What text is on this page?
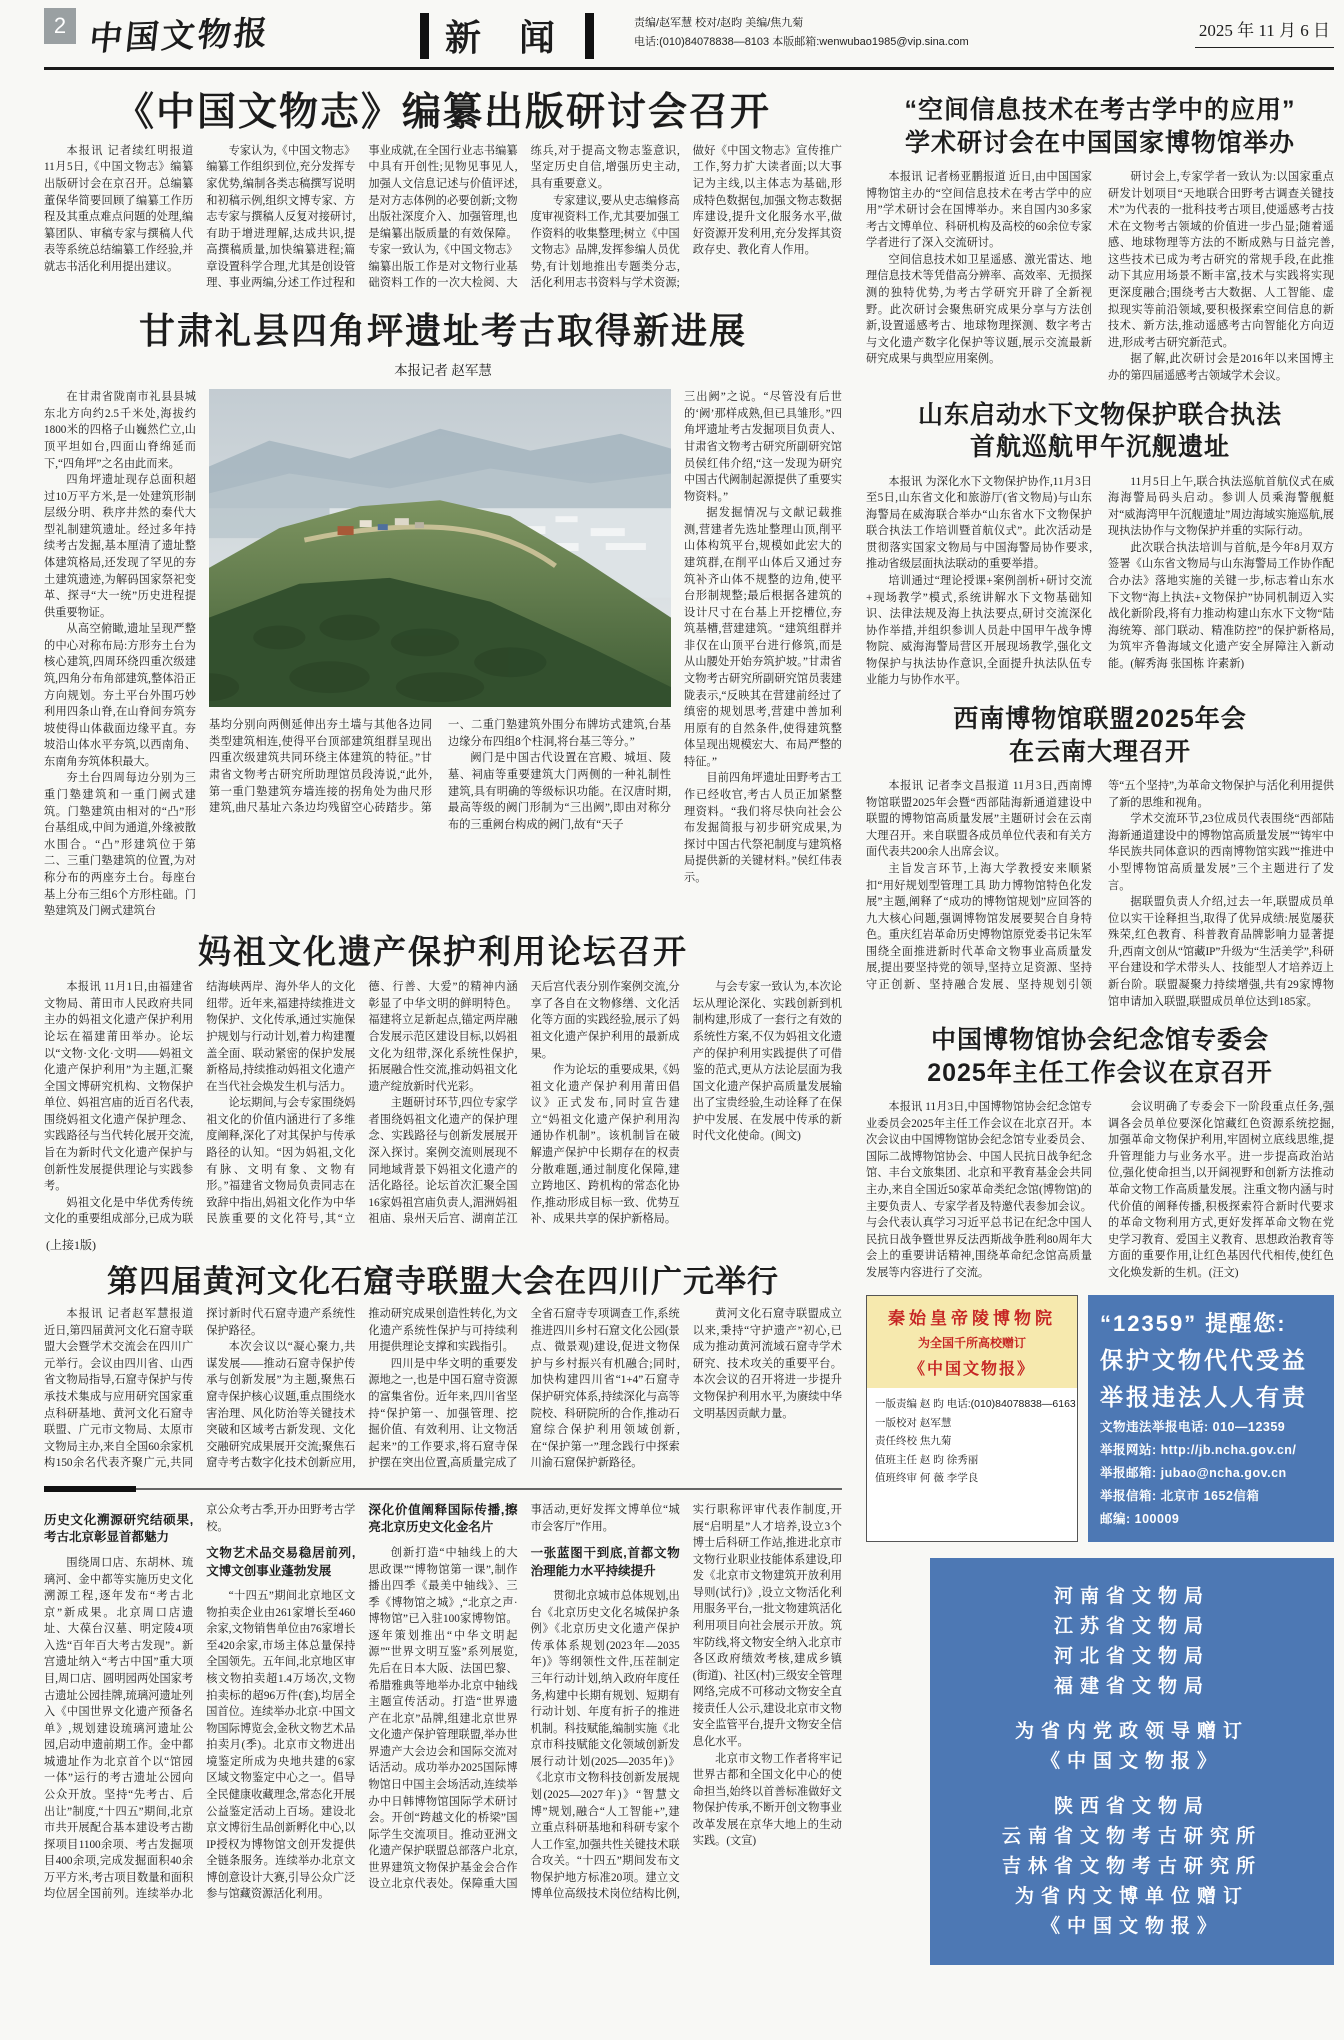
2 中国文物报	新 闻	责编/赵军慧 校对/赵昀 美编/焦九菊
电话:(010)84078838—8103 本版邮箱:wenwubao1985@vip.sina.com
2025 年 11 月 6 日
《中国文物志》编纂出版研讨会召开

本报讯 记者续红明报道 11月5日,《中国文物志》编纂出版研讨会在京召开。总编纂董保华简要回顾了编纂工作历程及其重点难点问题的处理,编纂团队、审稿专家与撰稿人代表等系统总结编纂工作经验,并就志书活化利用提出建议。

专家认为,《中国文物志》编纂工作组织到位,充分发挥专家优势,编制各类志稿撰写说明和初稿示例,组织文博专家、方志专家与撰稿人反复对接研讨,有助于增进理解,达成共识,提高撰稿质量,加快编纂进程;篇章设置科学合理,尤其是创设管理、事业两编,分述工作过程和事业成就,在全国行业志书编纂中具有开创性;见物见事见人,加强人文信息记述与价值评述,是对方志体例的必要创新;文物出版社深度介入、加强管理,也是编纂出版质量的有效保障。专家一致认为,《中国文物志》编纂出版工作是对文物行业基础资料工作的一次大检阅、大练兵,对于提高文物志鉴意识,坚定历史自信,增强历史主动,具有重要意义。

专家建议,要从史志编修高度审视资料工作,尤其要加强工作资料的收集整理;树立《中国文物志》品牌,发挥参编人员优势,有计划地推出专题类分志,活化利用志书资料与学术资源;做好《中国文物志》宣传推广工作,努力扩大读者面;以大事记为主线,以主体志为基础,形成特色数据包,加强文物志数据库建设,提升文化服务水平,做好资源开发利用,充分发挥其资政存史、教化育人作用。

甘肃礼县四角坪遗址考古取得新进展
本报记者 赵军慧

在甘肃省陇南市礼县县城东北方向约2.5千米处,海拔约1800米的四格子山巍然伫立,山顶平坦如台,四面山脊绵延而下,“四角坪”之名由此而来。

四角坪遗址现存总面积超过10万平方米,是一处建筑形制层级分明、秩序井然的秦代大型礼制建筑遗址。经过多年持续考古发掘,基本厘清了遗址整体建筑格局,还发现了罕见的夯土建筑遗迹,为解码国家祭祀变革、探寻“大一统”历史进程提供重要物证。

从高空俯瞰,遗址呈现严整的中心对称布局:方形夯土台为核心建筑,四周环绕四重次级建筑,四角分布角部建筑,整体沿正方向规划。夯土平台外围巧妙利用四条山脊,在山脊间夯筑夯坡使得山体截面边缘平直。夯坡沿山体水平夯筑,以西南角、东南角夯筑体积最大。

夯土台四周每边分别为三重门塾建筑和一重门阙式建筑。门塾建筑由相对的“凸”形台基组成,中间为通道,外缘被散水围合。“凸”形建筑位于第二、三重门塾建筑的位置,为对称分布的两座夯土台。每座台基上分布三组6个方形柱础。门塾建筑及门阙式建筑台

基均分别向两侧延伸出夯土墙与其他各边同类型建筑相连,使得平台顶部建筑组群呈现出四重次级建筑共同环绕主体建筑的特征。”甘肃省文物考古研究所助理馆员段涛说,“此外,第一重门塾建筑夯墙连接的拐角处为曲尺形建筑,曲尺基址六条边均残留空心砖踏步。第一、二重门塾建筑外围分布牌坊式建筑,台基边缘分布四组8个柱洞,将台基三等分。”

阙门是中国古代设置在宫殿、城垣、陵墓、祠庙等重要建筑大门两侧的一种礼制性建筑,具有明确的等级标识功能。在汉唐时期,最高等级的阙门形制为“三出阙”,即由对称分布的三重阙台构成的阙门,故有“天子

三出阙”之说。“尽管没有后世的‘阙’那样成熟,但已具雏形。”四角坪遗址考古发掘项目负责人、甘肃省文物考古研究所副研究馆员侯红伟介绍,“这一发现为研究中国古代阙制起源提供了重要实物资料。”

据发掘情况与文献记载推测,营建者先选址整理山顶,削平山体构筑平台,规模如此宏大的建筑群,在削平山体后又通过夯筑补齐山体不规整的边角,使平台形制规整;最后根据各建筑的设计尺寸在台基上开挖槽位,夯筑基槽,营建建筑。“建筑组群并非仅在山顶平台进行修筑,而是从山腰处开始夯筑护坡。”甘肃省文物考古研究所副研究馆员裴建陇表示,“反映其在营建前经过了缜密的规划思考,营建中善加利用原有的自然条件,使得建筑整体呈现出规模宏大、布局严整的特征。”

目前四角坪遗址田野考古工作已经收官,考古人员正加紧整理资料。“我们将尽快向社会公布发掘简报与初步研究成果,为探讨中国古代祭祀制度与建筑格局提供新的关键材料。”侯红伟表示。

妈祖文化遗产保护利用论坛召开

本报讯 11月1日,由福建省文物局、莆田市人民政府共同主办的妈祖文化遗产保护利用论坛在福建莆田举办。论坛以“文物·文化·文明——妈祖文化遗产保护利用”为主题,汇聚全国文博研究机构、文物保护单位、妈祖宫庙的近百名代表,围绕妈祖文化遗产保护理念、实践路径与当代转化展开交流,旨在为新时代文化遗产保护与创新性发展提供理论与实践参考。

妈祖文化是中华优秀传统文化的重要组成部分,已成为联结海峡两岸、海外华人的文化纽带。近年来,福建持续推进文物保护、文化传承,通过实施保护规划与行动计划,着力构建覆盖全面、联动紧密的保护发展新格局,持续推动妈祖文化遗产在当代社会焕发生机与活力。

论坛期间,与会专家围绕妈祖文化的价值内涵进行了多维度阐释,深化了对其保护与传承路径的认知。“因为妈祖,文化有脉、文明有象、文物有形。”福建省文物局负责同志在致辞中指出,妈祖文化作为中华民族重要的文化符号,其“立德、行善、大爱”的精神内涵彰显了中华文明的鲜明特色。福建将立足新起点,锚定两岸融合发展示范区建设目标,以妈祖文化为纽带,深化系统性保护,拓展融合性交流,推动妈祖文化遗产绽放新时代光彩。

主题研讨环节,四位专家学者围绕妈祖文化遗产的保护理念、实践路径与创新发展展开深入探讨。案例交流则展现不同地域背景下妈祖文化遗产的活化路径。论坛首次汇聚全国16家妈祖宫庙负责人,湄洲妈祖祖庙、泉州天后宫、湖南芷江天后宫代表分别作案例交流,分享了各自在文物修缮、文化活化等方面的实践经验,展示了妈祖文化遗产保护利用的最新成果。

作为论坛的重要成果,《妈祖文化遗产保护利用莆田倡议》正式发布,同时宣告建立“妈祖文化遗产保护利用沟通协作机制”。该机制旨在破解遗产保护中长期存在的权责分散难题,通过制度化保障,建立跨地区、跨机构的常态化协作,推动形成目标一致、优势互补、成果共享的保护新格局。

与会专家一致认为,本次论坛从理论深化、实践创新到机制构建,形成了一套行之有效的系统性方案,不仅为妈祖文化遗产的保护利用实践提供了可借鉴的范式,更从方法论层面为我国文化遗产保护高质量发展输出了宝贵经验,生动诠释了在保护中发展、在发展中传承的新时代文化使命。(闽文)

(上接1版)
第四届黄河文化石窟寺联盟大会在四川广元举行

本报讯 记者赵军慧报道 近日,第四届黄河文化石窟寺联盟大会暨学术交流会在四川广元举行。会议由四川省、山西省文物局指导,石窟寺保护与传承技术集成与应用研究国家重点科研基地、黄河文化石窟寺联盟、广元市文物局、太原市文物局主办,来自全国60余家机构150余名代表齐聚广元,共同探讨新时代石窟寺遗产系统性保护路径。

本次会议以“凝心聚力,共谋发展——推动石窟寺保护传承与创新发展”为主题,聚焦石窟寺保护核心议题,重点围绕水害治理、风化防治等关键技术突破和区域考古新发现、文化交融研究成果展开交流;聚焦石窟寺考古数字化技术创新应用,推动研究成果创造性转化,为文化遗产系统性保护与可持续利用提供理论支撑和实践指引。

四川是中华文明的重要发源地之一,也是中国石窟寺资源的富集省份。近年来,四川省坚持“保护第一、加强管理、挖掘价值、有效利用、让文物活起来”的工作要求,将石窟寺保护摆在突出位置,高质量完成了全省石窟寺专项调查工作,系统推进四川乡村石窟文化公园(景点、微景观)建设,促进文物保护与乡村振兴有机融合;同时,加快构建四川省“1+4”石窟寺保护研究体系,持续深化与高等院校、科研院所的合作,推动石窟综合保护利用领域创新,在“保护第一”理念践行中探索川渝石窟保护新路径。

黄河文化石窟寺联盟成立以来,秉持“守护遗产”初心,已成为推动黄河流域石窟寺学术研究、技术攻关的重要平台。本次会议的召开将进一步提升文物保护利用水平,为赓续中华文明基因贡献力量。

历史文化溯源研究结硕果,考古北京彰显首都魅力

围绕周口店、东胡林、琉璃河、金中都等实施历史文化溯源工程,逐年发布“考古北京”新成果。北京周口店遗址、大葆台汉墓、明定陵4项入选“百年百大考古发现”。新宫遗址纳入“考古中国”重大项目,周口店、圆明园两处国家考古遗址公园挂牌,琉璃河遗址列入《中国世界文化遗产预备名单》,规划建设琉璃河遗址公园,启动申遗前期工作。金中都城遗址作为北京首个以“馆园一体”运行的考古遗址公园向公众开放。坚持“先考古、后出让”制度,“十四五”期间,北京市共开展配合基本建设考古勘探项目1100余项、考古发掘项目400余项,完成发掘面积40余万平方米,考古项目数量和面积均位居全国前列。连续举办北京公众考古季,开办田野考古学校。

文物艺术品交易稳居前列,文博文创事业蓬勃发展

“十四五”期间北京地区文物拍卖企业由261家增长至460余家,文物销售单位由76家增长至420余家,市场主体总量保持全国领先。五年间,北京地区审核文物拍卖超1.4万场次,文物拍卖标的超96万件(套),均居全国首位。连续举办北京·中国文物国际博览会,金秋文物艺术品拍卖月(季)。北京市文物进出境鉴定所成为央地共建的6家区域文物鉴定中心之一。倡导全民健康收藏理念,常态化开展公益鉴定活动上百场。建设北京文博衍生品创新孵化中心,以IP授权为博物馆文创开发提供全链条服务。连续举办北京文博创意设计大赛,引导公众广泛参与馆藏资源活化利用。

深化价值阐释国际传播,擦亮北京历史文化金名片

创新打造“中轴线上的大思政课”“博物馆第一课”,制作播出四季《最美中轴线》、三季《博物馆之城》,“北京之声·博物馆”已入驻100家博物馆。逐年策划推出“中华文明起源”“世界文明互鉴”系列展览,先后在日本大阪、法国巴黎、希腊雅典等地举办北京中轴线主题宣传活动。打造“世界遗产在北京”品牌,组建北京世界文化遗产保护管理联盟,举办世界遗产大会边会和国际交流对话活动。成功举办2025国际博物馆日中国主会场活动,连续举办中日韩博物馆国际学术研讨会。开创“跨越文化的桥梁”国际学生交流项目。推动亚洲文化遗产保护联盟总部落户北京,世界建筑文物保护基金会合作设立北京代表处。保障重大国事活动,更好发挥文博单位“城市会客厅”作用。

一张蓝图干到底,首都文物治理能力水平持续提升

贯彻北京城市总体规划,出台《北京历史文化名城保护条例》《北京历史文化遗产保护传承体系规划(2023年—2035年)》等纲领性文件,压茬制定三年行动计划,纳入政府年度任务,构建中长期有规划、短期有行动计划、年度有折子的推进机制。科技赋能,编制实施《北京市科技赋能文化领域创新发展行动计划(2025—2035年)》《北京市文物科技创新发展规划(2025—2027年)》“智慧文博”规划,融合“人工智能+”,建立重点科研基地和科研专家个人工作室,加强共性关键技术联合攻关。“十四五”期间发布文物保护地方标准20项。建立文博单位高级技术岗位结构比例,实行职称评审代表作制度,开展“启明星”人才培养,设立3个博士后科研工作站,推进北京市文物行业职业技能体系建设,印发《北京市文物建筑开放利用导则(试行)》,设立文物活化利用服务平台,一批文物建筑活化利用项目向社会展示开放。筑牢防线,将文物安全纳入北京市各区政府绩效考核,建成乡镇(街道)、社区(村)三级安全管理网络,完成不可移动文物安全直接责任人公示,建设北京市文物安全监管平台,提升文物安全信息化水平。

北京市文物工作者将牢记世界古都和全国文化中心的使命担当,始终以首善标准做好文物保护传承,不断开创文物事业改革发展在京华大地上的生动实践。(文宣)

“空间信息技术在考古学中的应用”
学术研讨会在中国国家博物馆举办

本报讯 记者杨亚鹏报道 近日,由中国国家博物馆主办的“空间信息技术在考古学中的应用”学术研讨会在国博举办。来自国内30多家考古文博单位、科研机构及高校的60余位专家学者进行了深入交流研讨。

空间信息技术如卫星遥感、激光雷达、地理信息技术等凭借高分辨率、高效率、无损探测的独特优势,为考古学研究开辟了全新视野。此次研讨会聚焦研究成果分享与方法创新,设置遥感考古、地球物理探测、数字考古与文化遗产数字化保护等议题,展示交流最新研究成果与典型应用案例。

研讨会上,专家学者一致认为:以国家重点研发计划项目“天地联合田野考古调查关键技术”为代表的一批科技考古项目,使遥感考古技术在文物考古领域的价值进一步凸显;随着遥感、地球物理等方法的不断成熟与日益完善,这些技术已成为考古研究的常规手段,在此推动下其应用场景不断丰富,技术与实践将实现更深度融合;围绕考古大数据、人工智能、虚拟现实等前沿领域,要积极探索空间信息的新技术、新方法,推动遥感考古向智能化方向迈进,形成考古研究新范式。

据了解,此次研讨会是2016年以来国博主办的第四届遥感考古领域学术会议。

山东启动水下文物保护联合执法
首航巡航甲午沉舰遗址

本报讯 为深化水下文物保护协作,11月3日至5日,山东省文化和旅游厅(省文物局)与山东海警局在威海联合举办“山东省水下文物保护联合执法工作培训暨首航仪式”。此次活动是贯彻落实国家文物局与中国海警局协作要求,推动省级层面执法联动的重要举措。

培训通过“理论授课+案例剖析+研讨交流+现场教学”模式,系统讲解水下文物基础知识、法律法规及海上执法要点,研讨交流深化协作举措,并组织参训人员赴中国甲午战争博物院、威海海警局营区开展现场教学,强化文物保护与执法协作意识,全面提升执法队伍专业能力与协作水平。

11月5日上午,联合执法巡航首航仪式在威海海警局码头启动。参训人员乘海警舰艇对“威海湾甲午沉舰遗址”周边海域实施巡航,展现执法协作与文物保护并重的实际行动。

此次联合执法培训与首航,是今年8月双方签署《山东省文物局与山东海警局工作协作配合办法》落地实施的关键一步,标志着山东水下文物“海上执法+文物保护”协同机制迈入实战化新阶段,将有力推动构建山东水下文物“陆海统筹、部门联动、精准防控”的保护新格局,为筑牢齐鲁海域文化遗产安全屏障注入新动能。(解秀海 张国栋 许素新)

西南博物馆联盟2025年会
在云南大理召开

本报讯 记者李文昌报道 11月3日,西南博物馆联盟2025年会暨“西部陆海新通道建设中联盟的博物馆高质量发展”主题研讨会在云南大理召开。来自联盟各成员单位代表和有关方面代表共200余人出席会议。

主旨发言环节,上海大学教授安来顺紧扣“用好规划型管理工具 助力博物馆特色化发展”主题,阐释了“成功的博物馆规划”应回答的九大核心问题,强调博物馆发展要契合自身特色。重庆红岩革命历史博物馆原党委书记朱军围绕全面推进新时代革命文物事业高质量发展,提出要坚持党的领导,坚持立足资源、坚持守正创新、坚持融合发展、坚持规划引领等“五个坚持”,为革命文物保护与活化利用提供了新的思维和视角。

学术交流环节,23位成员代表围绕“西部陆海新通道建设中的博物馆高质量发展”“铸牢中华民族共同体意识的西南博物馆实践”“推进中小型博物馆高质量发展”三个主题进行了发言。

据联盟负责人介绍,过去一年,联盟成员单位以实干诠释担当,取得了优异成绩:展览屡获殊荣,红色教育、科普教育品牌影响力显著提升,西南文创从“馆藏IP”升级为“生活美学”,科研平台建设和学术带头人、技能型人才培养迈上新台阶。联盟凝聚力持续增强,共有29家博物馆申请加入联盟,联盟成员单位达到185家。

中国博物馆协会纪念馆专委会
2025年主任工作会议在京召开

本报讯 11月3日,中国博物馆协会纪念馆专业委员会2025年主任工作会议在北京召开。本次会议由中国博物馆协会纪念馆专业委员会、国际二战博物馆协会、中国人民抗日战争纪念馆、丰台文旅集团、北京和平教育基金会共同主办,来自全国近50家革命类纪念馆(博物馆)的主要负责人、专家学者及特邀代表参加会议。与会代表认真学习习近平总书记在纪念中国人民抗日战争暨世界反法西斯战争胜利80周年大会上的重要讲话精神,围绕革命纪念馆高质量发展等内容进行了交流。

会议明确了专委会下一阶段重点任务,强调各会员单位要深化馆藏红色资源系统挖掘,加强革命文物保护利用,牢固树立底线思维,提升管理能力与业务水平。进一步提高政治站位,强化使命担当,以开阔视野和创新方法推动革命文物工作高质量发展。注重文物内涵与时代价值的阐释传播,积极探索符合新时代要求的革命文物利用方式,更好发挥革命文物在党史学习教育、爱国主义教育、思想政治教育等方面的重要作用,让红色基因代代相传,使红色文化焕发新的生机。(汪文)

秦始皇帝陵博物院

为全国千所高校赠订

《中国文物报》

一版责编 赵 昀 电话:(010)84078838—6163

一版校对 赵军慧

责任终校 焦九菊

值班主任 赵 昀 徐秀丽

值班终审 何 薇 李学良

“12359” 提醒您:

保护文物代代受益

举报违法人人有责

文物违法举报电话: 010—12359

举报网站: http://jb.ncha.gov.cn/

举报邮箱: jubao@ncha.gov.cn

举报信箱: 北京市 1652信箱

邮编: 100009

河南省文物局

江苏省文物局

河北省文物局

福建省文物局

为省内党政领导赠订

《中国文物报》

陕西省文物局

云南省文物考古研究所

吉林省文物考古研究所

为省内文博单位赠订

《中国文物报》
